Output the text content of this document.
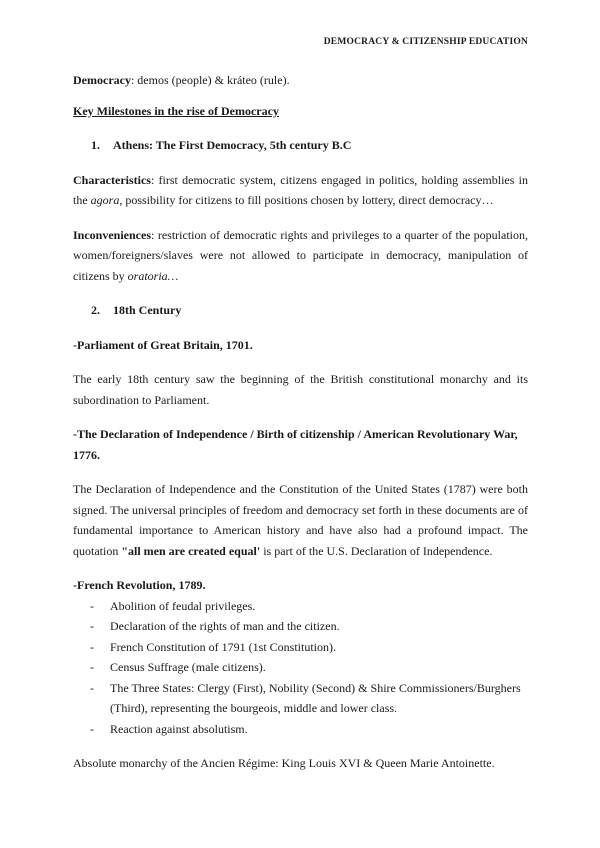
DEMOCRACY & CITIZENSHIP EDUCATION

Democracy: demos (people) & kráteo (rule).

Key Milestones in the rise of Democracy

1. Athens: The First Democracy, 5th century B.C

Characteristics: first democratic system, citizens engaged in politics, holding assemblies in the agora, possibility for citizens to fill positions chosen by lottery, direct democracy…

Inconveniences: restriction of democratic rights and privileges to a quarter of the population, women/foreigners/slaves were not allowed to participate in democracy, manipulation of citizens by oratoria…

2. 18th Century

-Parliament of Great Britain, 1701.

The early 18th century saw the beginning of the British constitutional monarchy and its subordination to Parliament.

-The Declaration of Independence / Birth of citizenship / American Revolutionary War, 1776.

The Declaration of Independence and the Constitution of the United States (1787) were both signed. The universal principles of freedom and democracy set forth in these documents are of fundamental importance to American history and have also had a profound impact. The quotation "all men are created equal' is part of the U.S. Declaration of Independence.

-French Revolution, 1789.

- Abolition of feudal privileges.
- Declaration of the rights of man and the citizen.
- French Constitution of 1791 (1st Constitution).
- Census Suffrage (male citizens).
- The Three States: Clergy (First), Nobility (Second) & Shire Commissioners/Burghers (Third), representing the bourgeois, middle and lower class.
- Reaction against absolutism.

Absolute monarchy of the Ancien Régime: King Louis XVI & Queen Marie Antoinette.
